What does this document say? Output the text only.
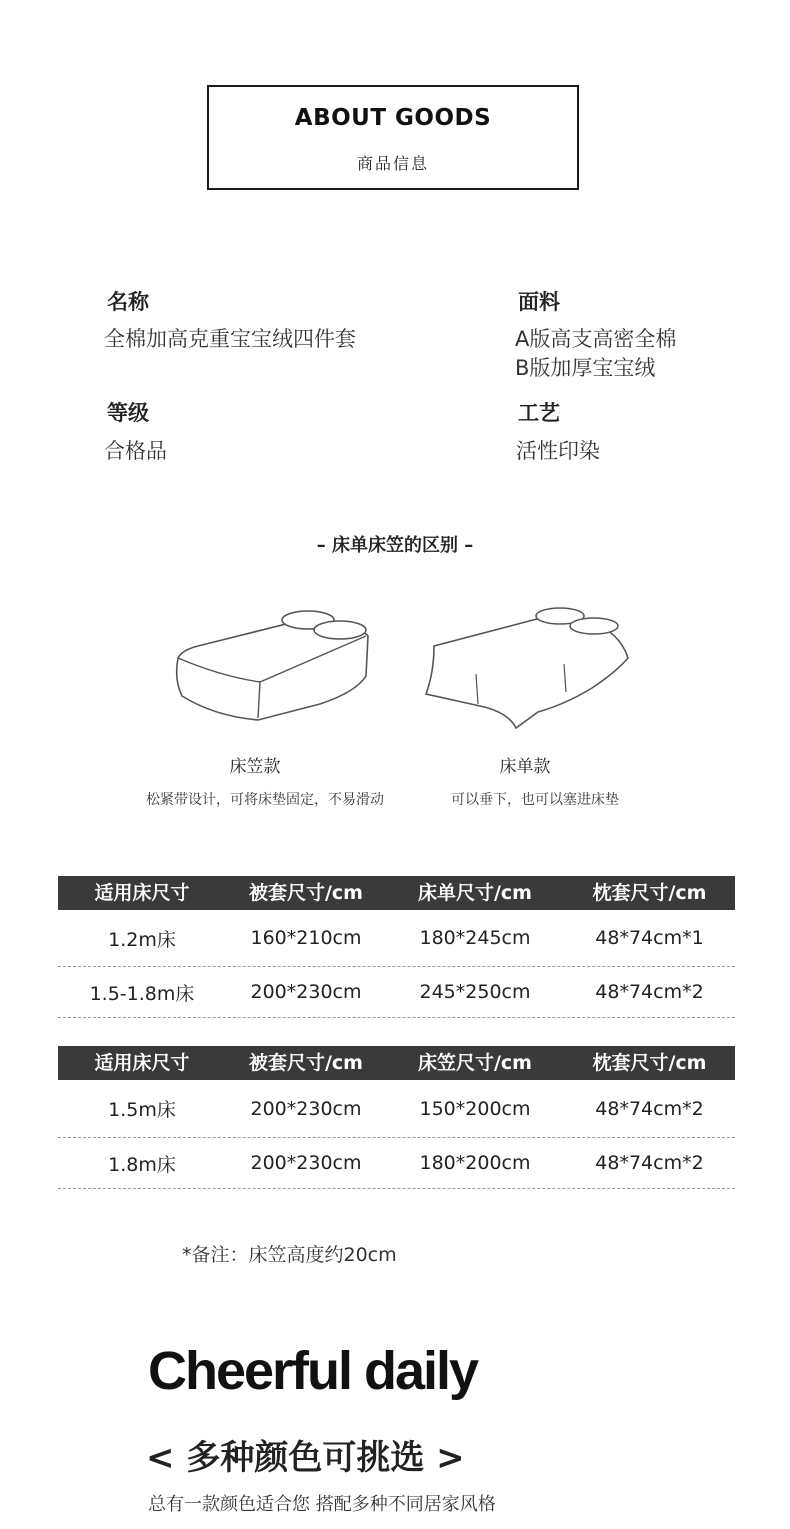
ABOUT GOODS
商品信息
名称
全棉加高克重宝宝绒四件套
面料
A版高支高密全棉
B版加厚宝宝绒
等级
合格品
工艺
活性印染
– 床单床笠的区别 –
床笠款
松紧带设计，可将床垫固定，不易滑动
床单款
可以垂下，也可以塞进床垫
适用床尺寸	被套尺寸/cm	床单尺寸/cm	枕套尺寸/cm
1.2m床	160*210cm	180*245cm	48*74cm*1
1.5-1.8m床	200*230cm	245*250cm	48*74cm*2
适用床尺寸	被套尺寸/cm	床笠尺寸/cm	枕套尺寸/cm
1.5m床	200*230cm	150*200cm	48*74cm*2
1.8m床	200*230cm	180*200cm	48*74cm*2
*备注：床笠高度约20cm
Cheerful daily
< 多种颜色可挑选 >
总有一款颜色适合您 搭配多种不同居家风格
